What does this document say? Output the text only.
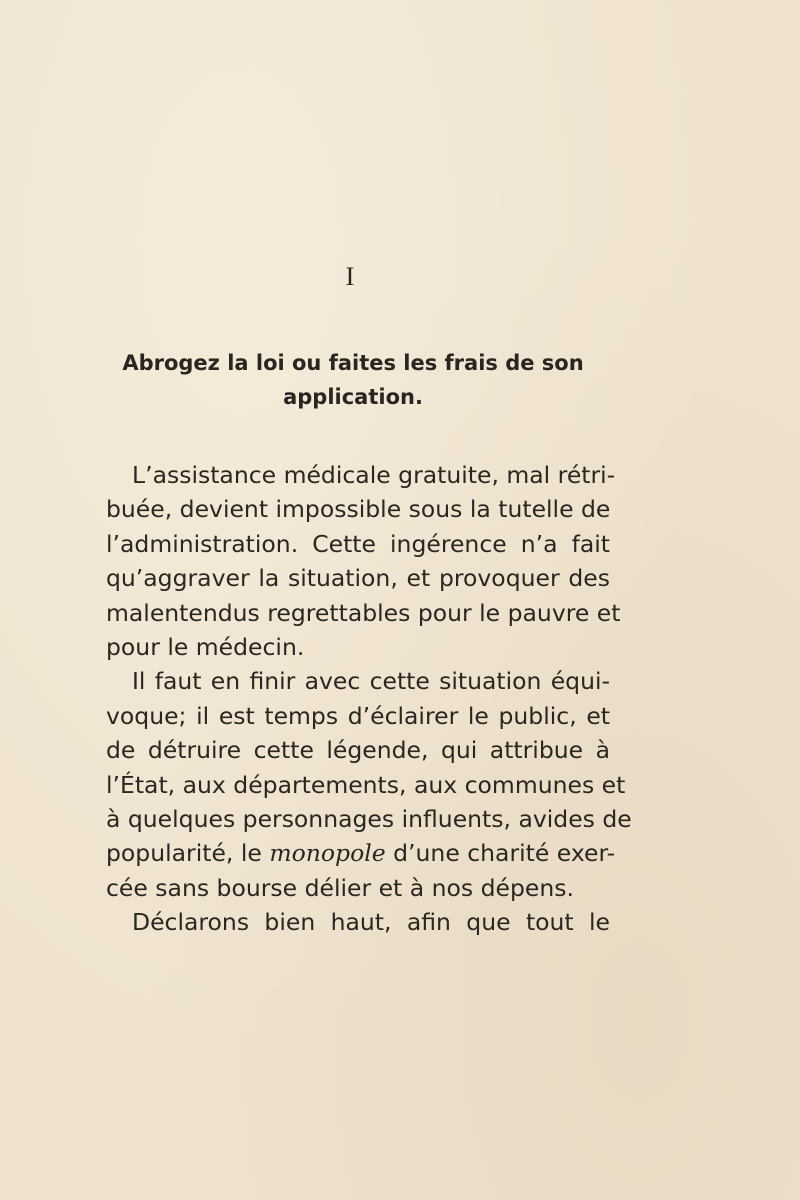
I
Abrogez la loi ou faites les frais de son
application.
L’assistance médicale gratuite, mal rétri-
buée, devient impossible sous la tutelle de
l’administration. Cette ingérence n’a fait
qu’aggraver la situation, et provoquer des
malentendus regrettables pour le pauvre et
pour le médecin.
Il faut en finir avec cette situation équi-
voque; il est temps d’éclairer le public, et
de détruire cette légende, qui attribue à
l’État, aux départements, aux communes et
à quelques personnages influents, avides de
popularité, le monopole d’une charité exer-
cée sans bourse délier et à nos dépens.
Déclarons bien haut, afin que tout le
